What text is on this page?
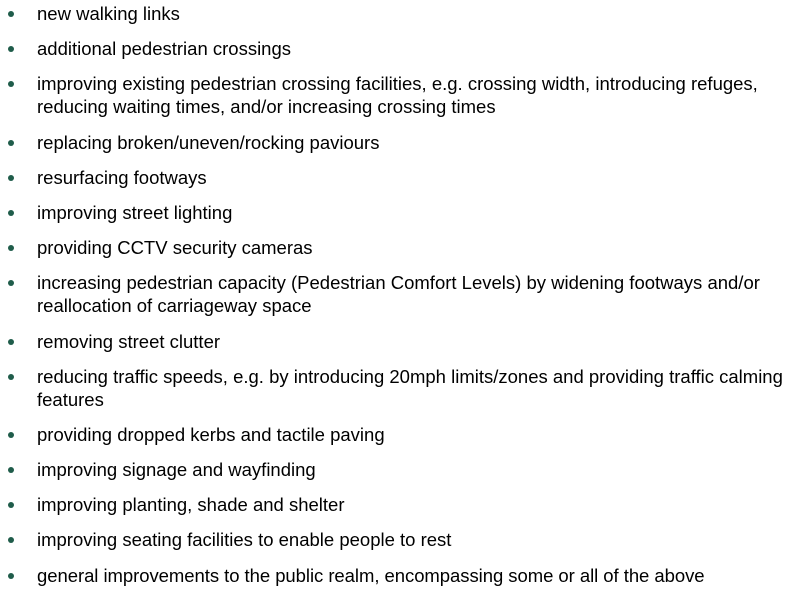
new walking links
additional pedestrian crossings
improving existing pedestrian crossing facilities, e.g. crossing width, introducing refuges, reducing waiting times, and/or increasing crossing times
replacing broken/uneven/rocking paviours
resurfacing footways
improving street lighting
providing CCTV security cameras
increasing pedestrian capacity (Pedestrian Comfort Levels) by widening footways and/or reallocation of carriageway space
removing street clutter
reducing traffic speeds, e.g. by introducing 20mph limits/zones and providing traffic calming features
providing dropped kerbs and tactile paving
improving signage and wayfinding
improving planting, shade and shelter
improving seating facilities to enable people to rest
general improvements to the public realm, encompassing some or all of the above
